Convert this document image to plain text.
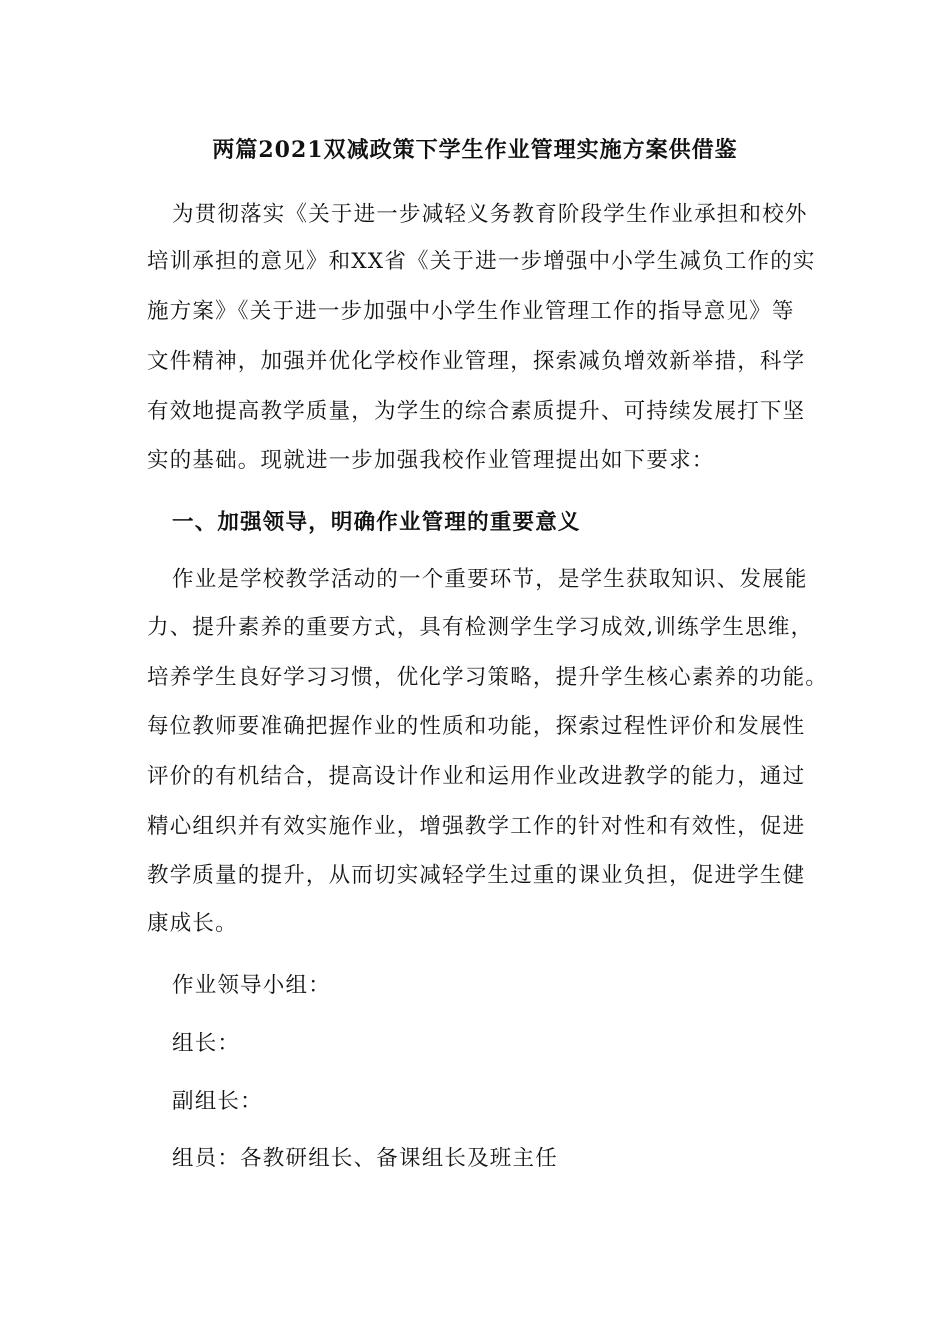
两篇2021双减政策下学生作业管理实施方案供借鉴
为贯彻落实《关于进一步减轻义务教育阶段学生作业承担和校外
培训承担的意见》和XX省《关于进一步增强中小学生减负工作的实
施方案》《关于进一步加强中小学生作业管理工作的指导意见》等
文件精神，加强并优化学校作业管理，探索减负增效新举措，科学
有效地提高教学质量，为学生的综合素质提升、可持续发展打下坚
实的基础。现就进一步加强我校作业管理提出如下要求：
一、加强领导，明确作业管理的重要意义
作业是学校教学活动的一个重要环节，是学生获取知识、发展能
力、提升素养的重要方式，具有检测学生学习成效,训练学生思维，
培养学生良好学习习惯，优化学习策略，提升学生核心素养的功能。
每位教师要准确把握作业的性质和功能，探索过程性评价和发展性
评价的有机结合，提高设计作业和运用作业改进教学的能力，通过
精心组织并有效实施作业，增强教学工作的针对性和有效性，促进
教学质量的提升，从而切实减轻学生过重的课业负担，促进学生健
康成长。
作业领导小组：
组长：
副组长：
组员：各教研组长、备课组长及班主任
